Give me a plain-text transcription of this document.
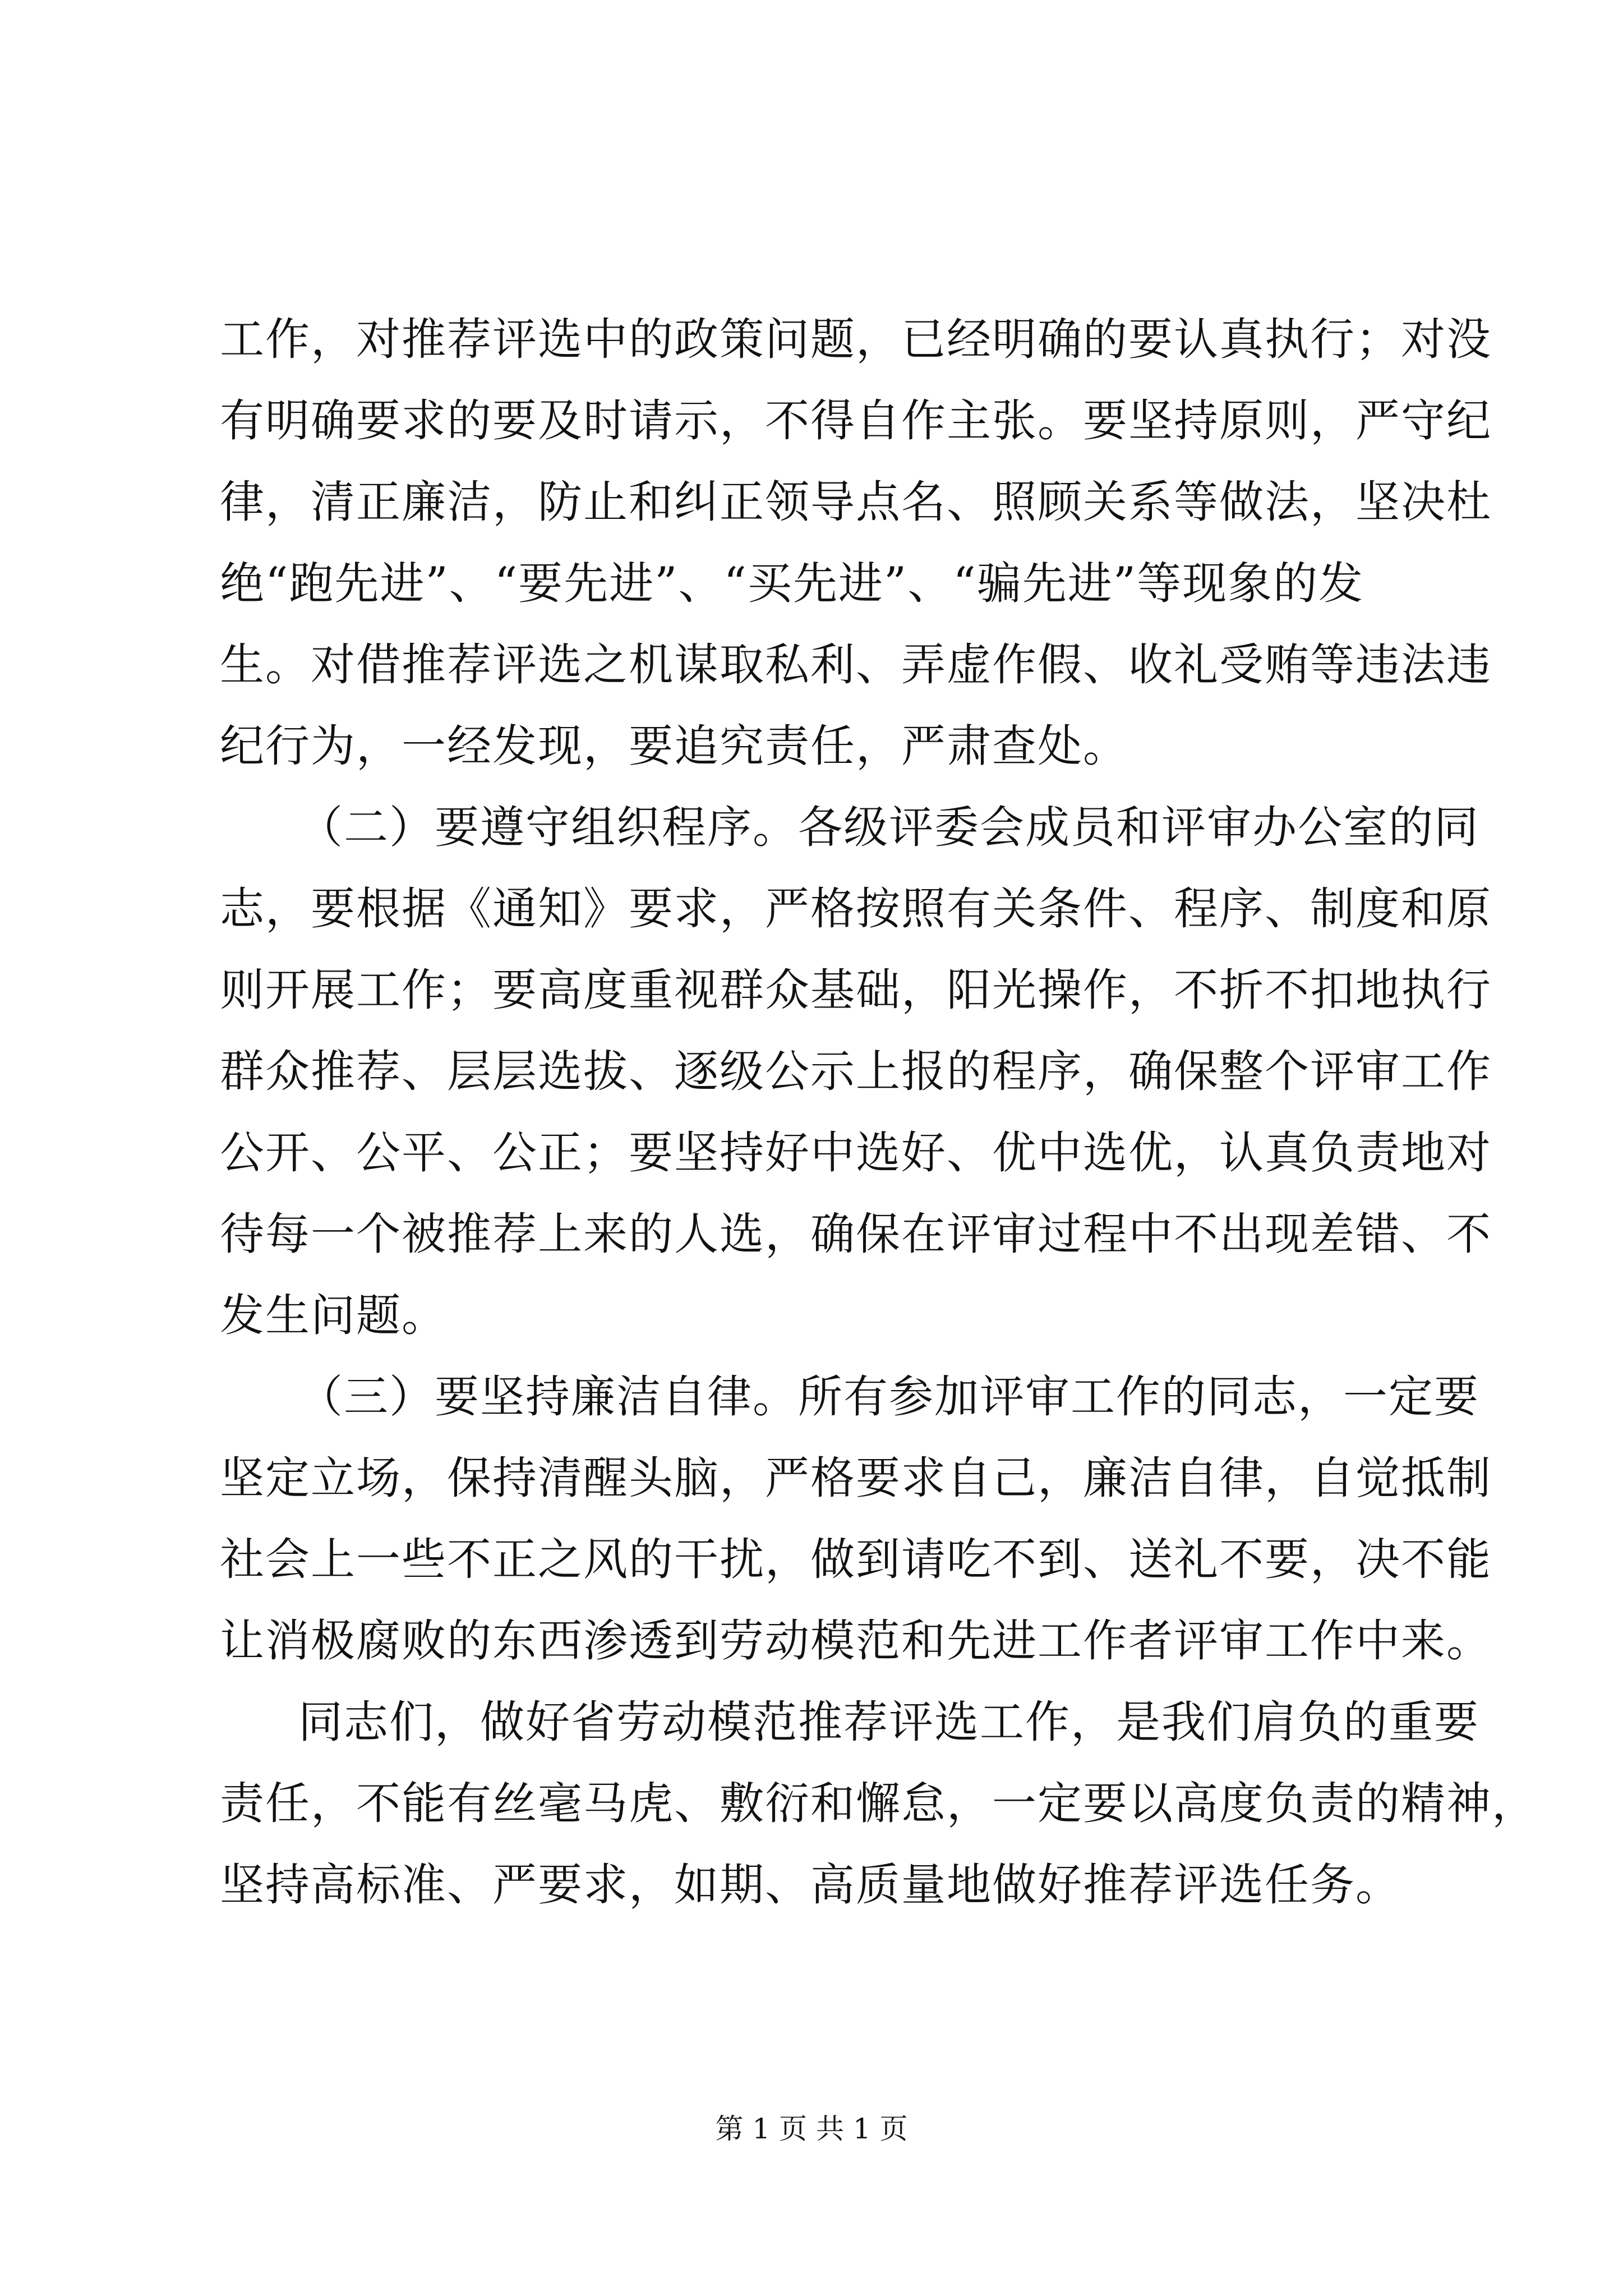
工作，对推荐评选中的政策问题，已经明确的要认真执行；对没
有明确要求的要及时请示，不得自作主张。要坚持原则，严守纪
律，清正廉洁，防止和纠正领导点名、照顾关系等做法，坚决杜
绝“跑先进”、“要先进”、“买先进”、“骗先进”等现象的发
生。对借推荐评选之机谋取私利、弄虚作假、收礼受贿等违法违
纪行为，一经发现，要追究责任，严肃查处。
（二）要遵守组织程序。各级评委会成员和评审办公室的同
志，要根据《通知》要求，严格按照有关条件、程序、制度和原
则开展工作；要高度重视群众基础，阳光操作，不折不扣地执行
群众推荐、层层选拔、逐级公示上报的程序，确保整个评审工作
公开、公平、公正；要坚持好中选好、优中选优，认真负责地对
待每一个被推荐上来的人选，确保在评审过程中不出现差错、不
发生问题。
（三）要坚持廉洁自律。所有参加评审工作的同志，一定要
坚定立场，保持清醒头脑，严格要求自己，廉洁自律，自觉抵制
社会上一些不正之风的干扰，做到请吃不到、送礼不要，决不能
让消极腐败的东西渗透到劳动模范和先进工作者评审工作中来。
同志们，做好省劳动模范推荐评选工作，是我们肩负的重要
责任，不能有丝毫马虎、敷衍和懈怠，一定要以高度负责的精神，
坚持高标准、严要求，如期、高质量地做好推荐评选任务。
第 1 页 共 1 页
